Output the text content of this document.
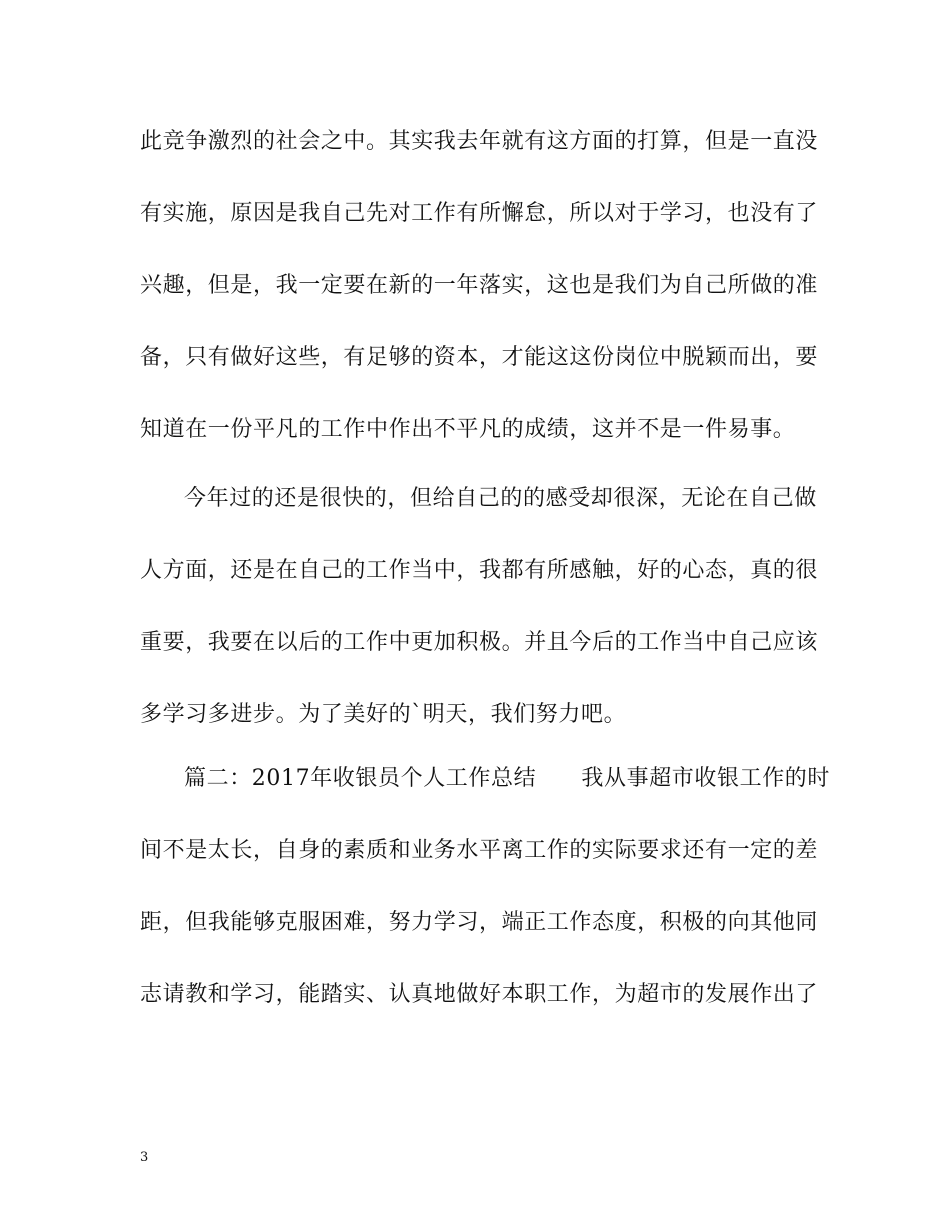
此竞争激烈的社会之中。其实我去年就有这方面的打算，但是一直没
有实施，原因是我自己先对工作有所懈怠，所以对于学习，也没有了
兴趣，但是，我一定要在新的一年落实，这也是我们为自己所做的准
备，只有做好这些，有足够的资本，才能这这份岗位中脱颖而出，要
知道在一份平凡的工作中作出不平凡的成绩，这并不是一件易事。
今年过的还是很快的，但给自己的的感受却很深，无论在自己做
人方面，还是在自己的工作当中，我都有所感触，好的心态，真的很
重要，我要在以后的工作中更加积极。并且今后的工作当中自己应该
多学习多进步。为了美好的`明天，我们努力吧。
篇二：2017年收银员个人工作总结　　我从事超市收银工作的时
间不是太长，自身的素质和业务水平离工作的实际要求还有一定的差
距，但我能够克服困难，努力学习，端正工作态度，积极的向其他同
志请教和学习，能踏实、认真地做好本职工作，为超市的发展作出了
3
